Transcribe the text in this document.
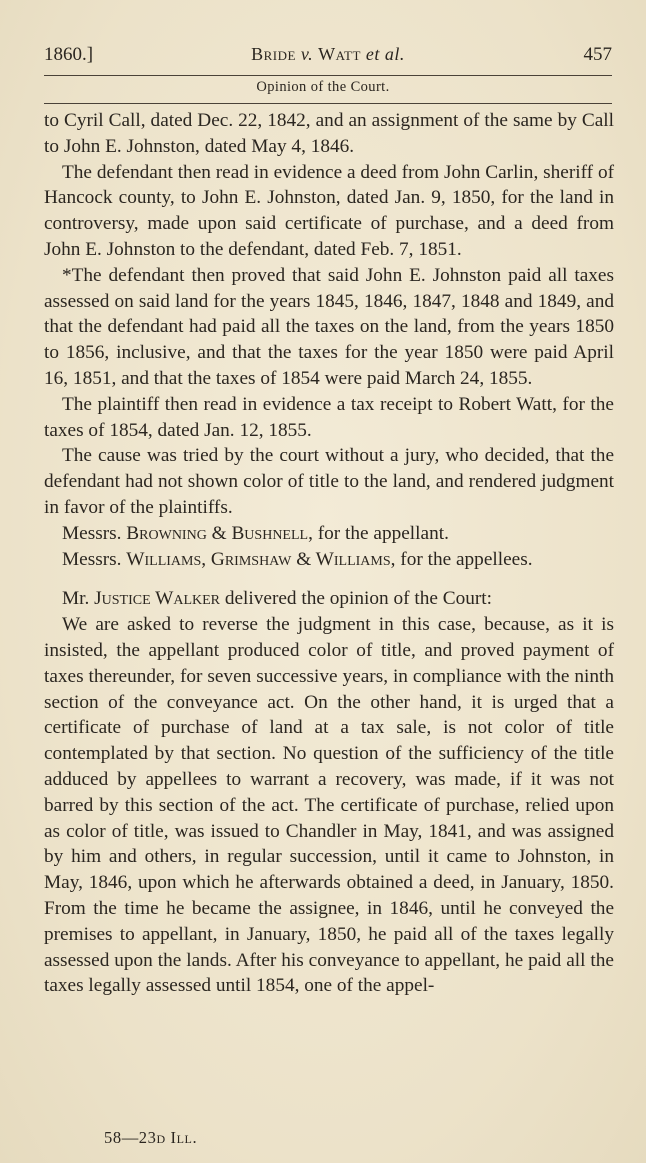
1860.]	Bride v. Watt et al.	457
Opinion of the Court.

to Cyril Call, dated Dec. 22, 1842, and an assignment of the same by Call to John E. Johnston, dated May 4, 1846.

The defendant then read in evidence a deed from John Carlin, sheriff of Hancock county, to John E. Johnston, dated Jan. 9, 1850, for the land in controversy, made upon said certificate of purchase, and a deed from John E. Johnston to the defendant, dated Feb. 7, 1851.

*The defendant then proved that said John E. Johnston paid all taxes assessed on said land for the years 1845, 1846, 1847, 1848 and 1849, and that the defendant had paid all the taxes on the land, from the years 1850 to 1856, inclusive, and that the taxes for the year 1850 were paid April 16, 1851, and that the taxes of 1854 were paid March 24, 1855.

The plaintiff then read in evidence a tax receipt to Robert Watt, for the taxes of 1854, dated Jan. 12, 1855.

The cause was tried by the court without a jury, who decided, that the defendant had not shown color of title to the land, and rendered judgment in favor of the plaintiffs.

Messrs. Browning & Bushnell, for the appellant.

Messrs. Williams, Grimshaw & Williams, for the appellees.

Mr. Justice Walker delivered the opinion of the Court:

We are asked to reverse the judgment in this case, because, as it is insisted, the appellant produced color of title, and proved payment of taxes thereunder, for seven successive years, in compliance with the ninth section of the conveyance act. On the other hand, it is urged that a certificate of purchase of land at a tax sale, is not color of title contemplated by that section. No question of the sufficiency of the title adduced by appellees to warrant a recovery, was made, if it was not barred by this section of the act. The certificate of purchase, relied upon as color of title, was issued to Chandler in May, 1841, and was assigned by him and others, in regular succession, until it came to Johnston, in May, 1846, upon which he afterwards obtained a deed, in January, 1850. From the time he became the assignee, in 1846, until he conveyed the premises to appellant, in January, 1850, he paid all of the taxes legally assessed upon the lands. After his conveyance to appellant, he paid all the taxes legally assessed until 1854, one of the appel-

58—23d Ill.
